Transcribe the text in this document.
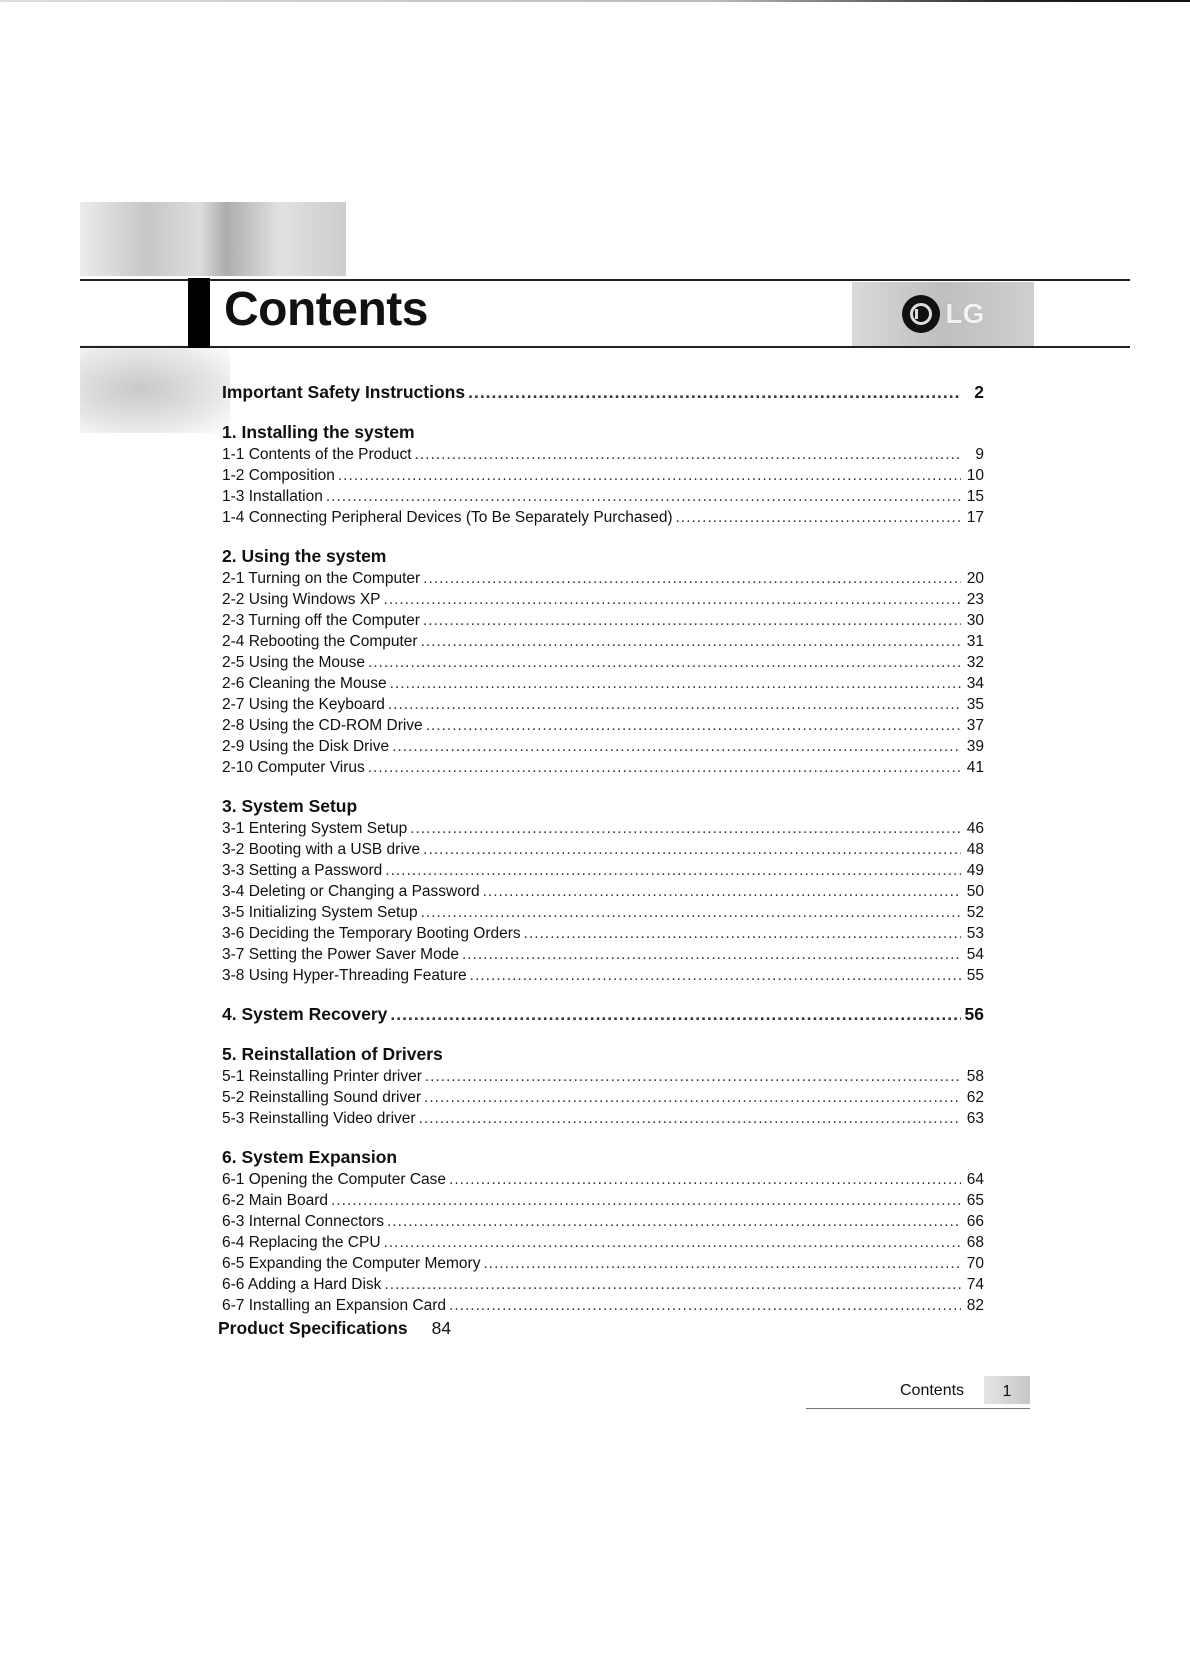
Contents	LG
Important Safety Instructions .....	2
1. Installing the system
1-1 Contents of the Product .....	9
1-2 Composition .....	10
1-3 Installation .....	15
1-4 Connecting Peripheral Devices (To Be Separately Purchased) .....	17
2. Using the system
2-1 Turning on the Computer .....	20
2-2 Using Windows XP .....	23
2-3 Turning off the Computer .....	30
2-4 Rebooting the Computer .....	31
2-5 Using the Mouse .....	32
2-6 Cleaning the Mouse .....	34
2-7 Using the Keyboard .....	35
2-8 Using the CD-ROM Drive .....	37
2-9 Using the Disk Drive .....	39
2-10 Computer Virus .....	41
3. System Setup
3-1 Entering System Setup .....	46
3-2 Booting with a USB drive .....	48
3-3 Setting a Password .....	49
3-4 Deleting or Changing a Password .....	50
3-5 Initializing System Setup .....	52
3-6 Deciding the Temporary Booting Orders .....	53
3-7 Setting the Power Saver Mode .....	54
3-8 Using Hyper-Threading Feature .....	55
4. System Recovery .....	56
5. Reinstallation of Drivers
5-1 Reinstalling Printer driver .....	58
5-2 Reinstalling Sound driver .....	62
5-3 Reinstalling Video driver .....	63
6. System Expansion
6-1 Opening the Computer Case .....	64
6-2 Main Board .....	65
6-3 Internal Connectors .....	66
6-4 Replacing the CPU .....	68
6-5 Expanding the Computer Memory .....	70
6-6 Adding a Hard Disk .....	74
6-7 Installing an Expansion Card .....	82
Product Specifications 84
Contents	1
